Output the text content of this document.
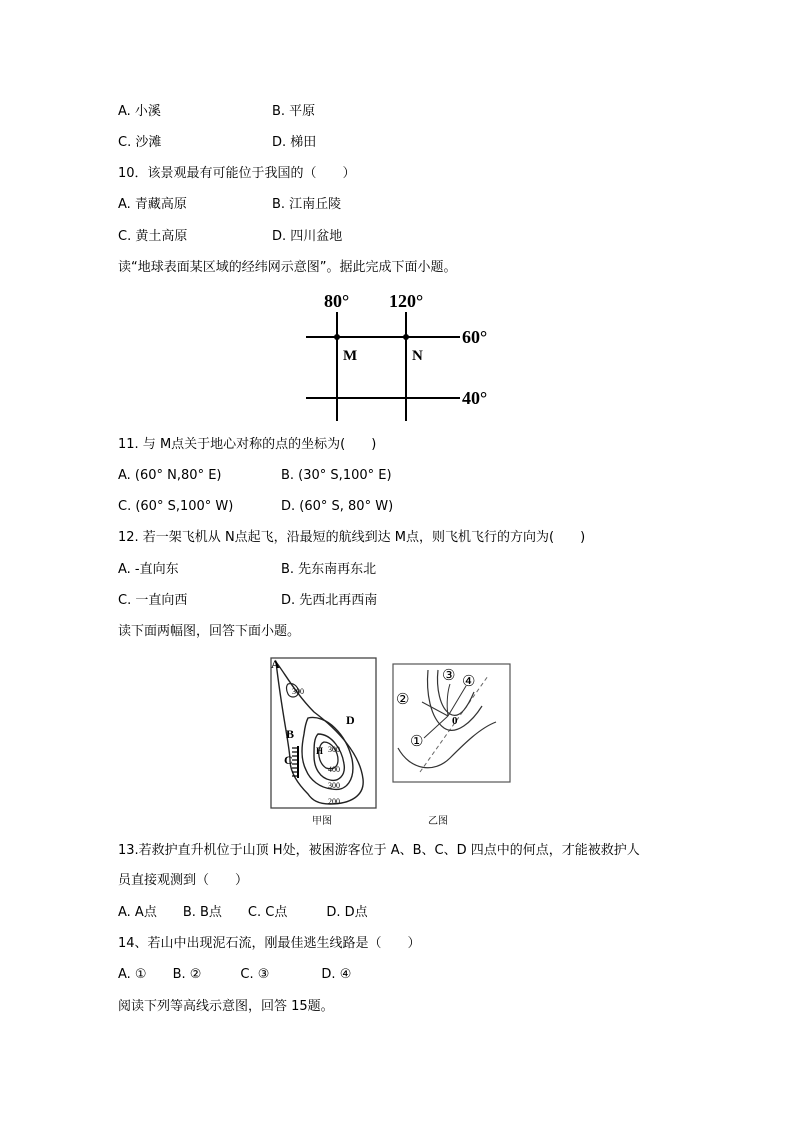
A. 小溪	B. 平原
C. 沙滩	D. 梯田
10．该景观最有可能位于我国的（　　）
A. 青藏高原	B. 江南丘陵
C. 黄土高原	D. 四川盆地
读“地球表面某区域的经纬网示意图”。据此完成下面小题。
80° 120°
60°
40°
M	N
11. 与 M点关于地心对称的点的坐标为(　　)
A. (60° N,80° E)	B. (30° S,100° E)
C. (60° S,100° W)	D. (60° S, 80° W)
12. 若一架飞机从 N点起飞，沿最短的航线到达 M点，则飞机飞行的方向为(　　)
A. -直向东	B. 先东南再东北
C. 一直向西	D. 先西北再西南
读下面两幅图，回答下面小题。
A
B
C
D
H
300
300
400
300
200
甲图
①
②
③ ④
0
乙图
13.若救护直升机位于山顶 H处，被困游客位于 A、B、C、D 四点中的何点，才能被救护人
员直接观测到（　　）
A. A点　　B. B点　　C. C点　　　D. D点
14、若山中出现泥石流，刚最佳逃生线路是（　　）
A. ①　　B. ②　　　C. ③　　　　D. ④
阅读下列等高线示意图，回答 15题。
